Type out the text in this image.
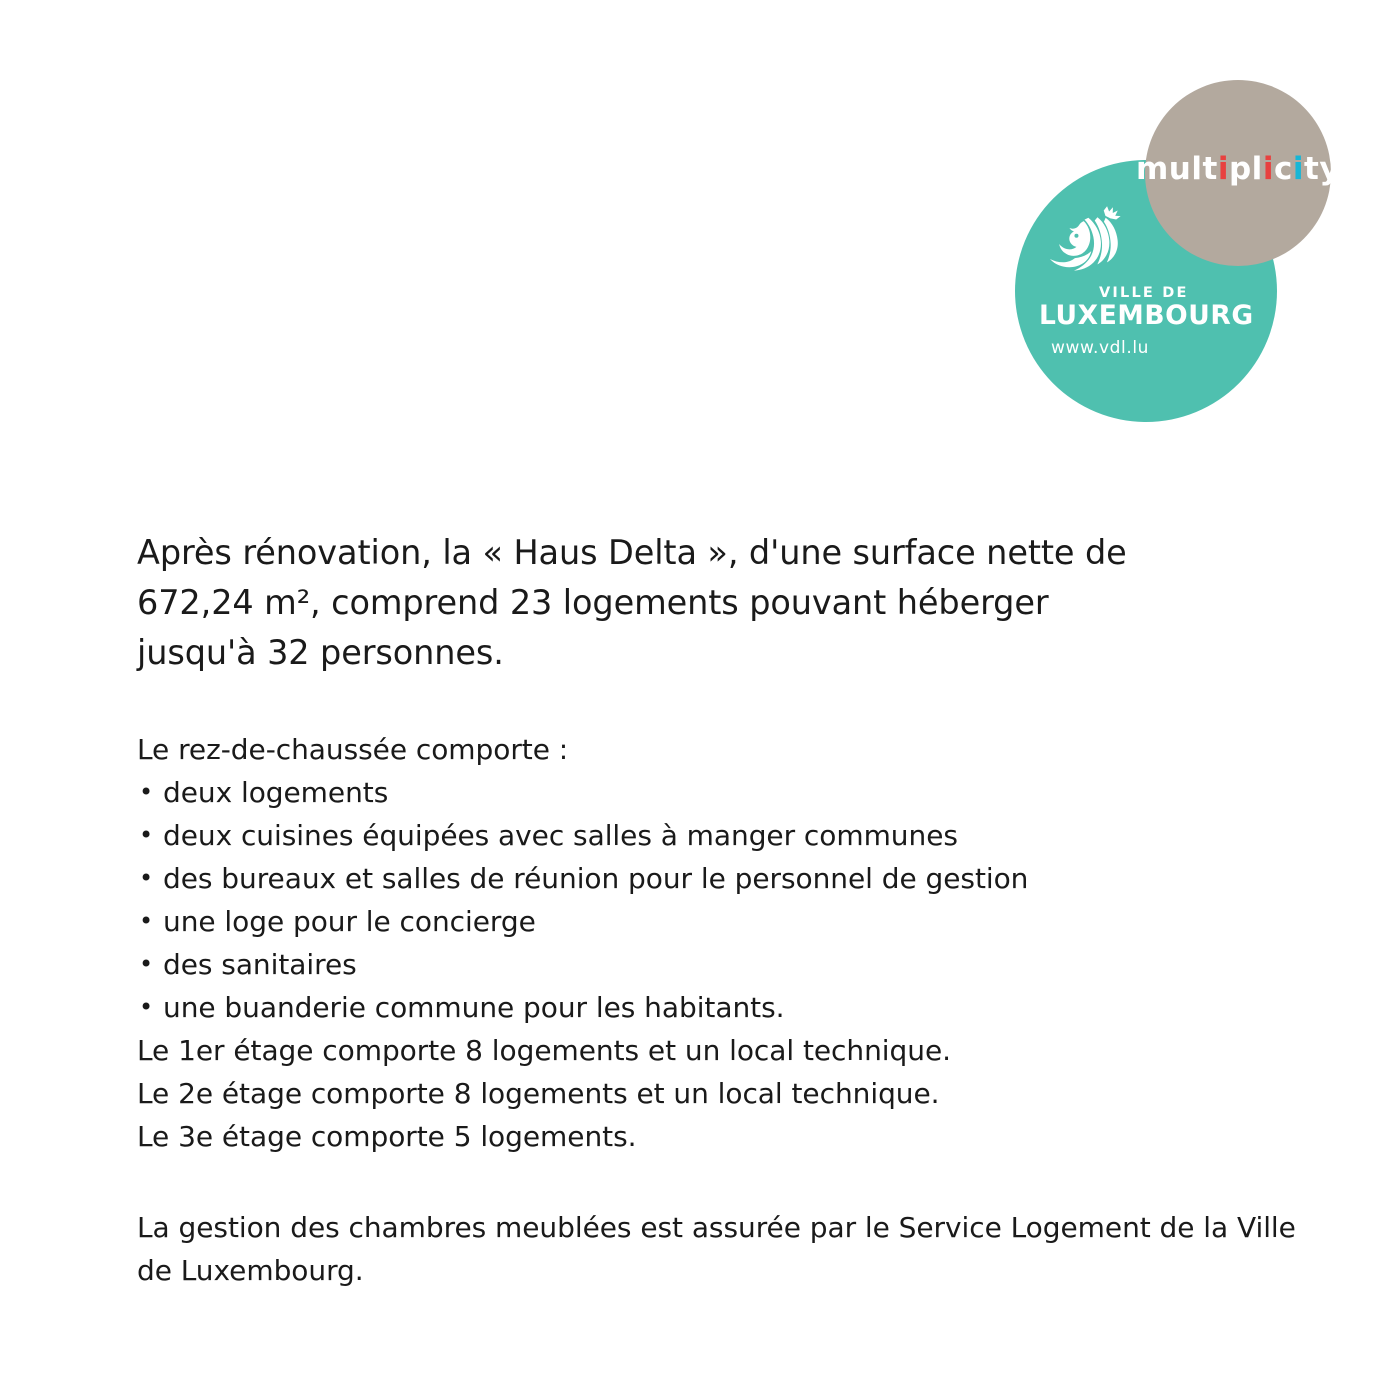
multiplicity
VILLE DE
LUXEMBOURG
www.vdl.lu

Après rénovation, la « Haus Delta », d'une surface nette de 672,24 m², comprend 23 logements pouvant héberger jusqu'à 32 personnes.

Le rez-de-chaussée comporte :

• deux logements
• deux cuisines équipées avec salles à manger communes
• des bureaux et salles de réunion pour le personnel de gestion
• une loge pour le concierge
• des sanitaires
• une buanderie commune pour les habitants.

Le 1er étage comporte 8 logements et un local technique.

Le 2e étage comporte 8 logements et un local technique.

Le 3e étage comporte 5 logements.

La gestion des chambres meublées est assurée par le Service Logement de la Ville de Luxembourg.
